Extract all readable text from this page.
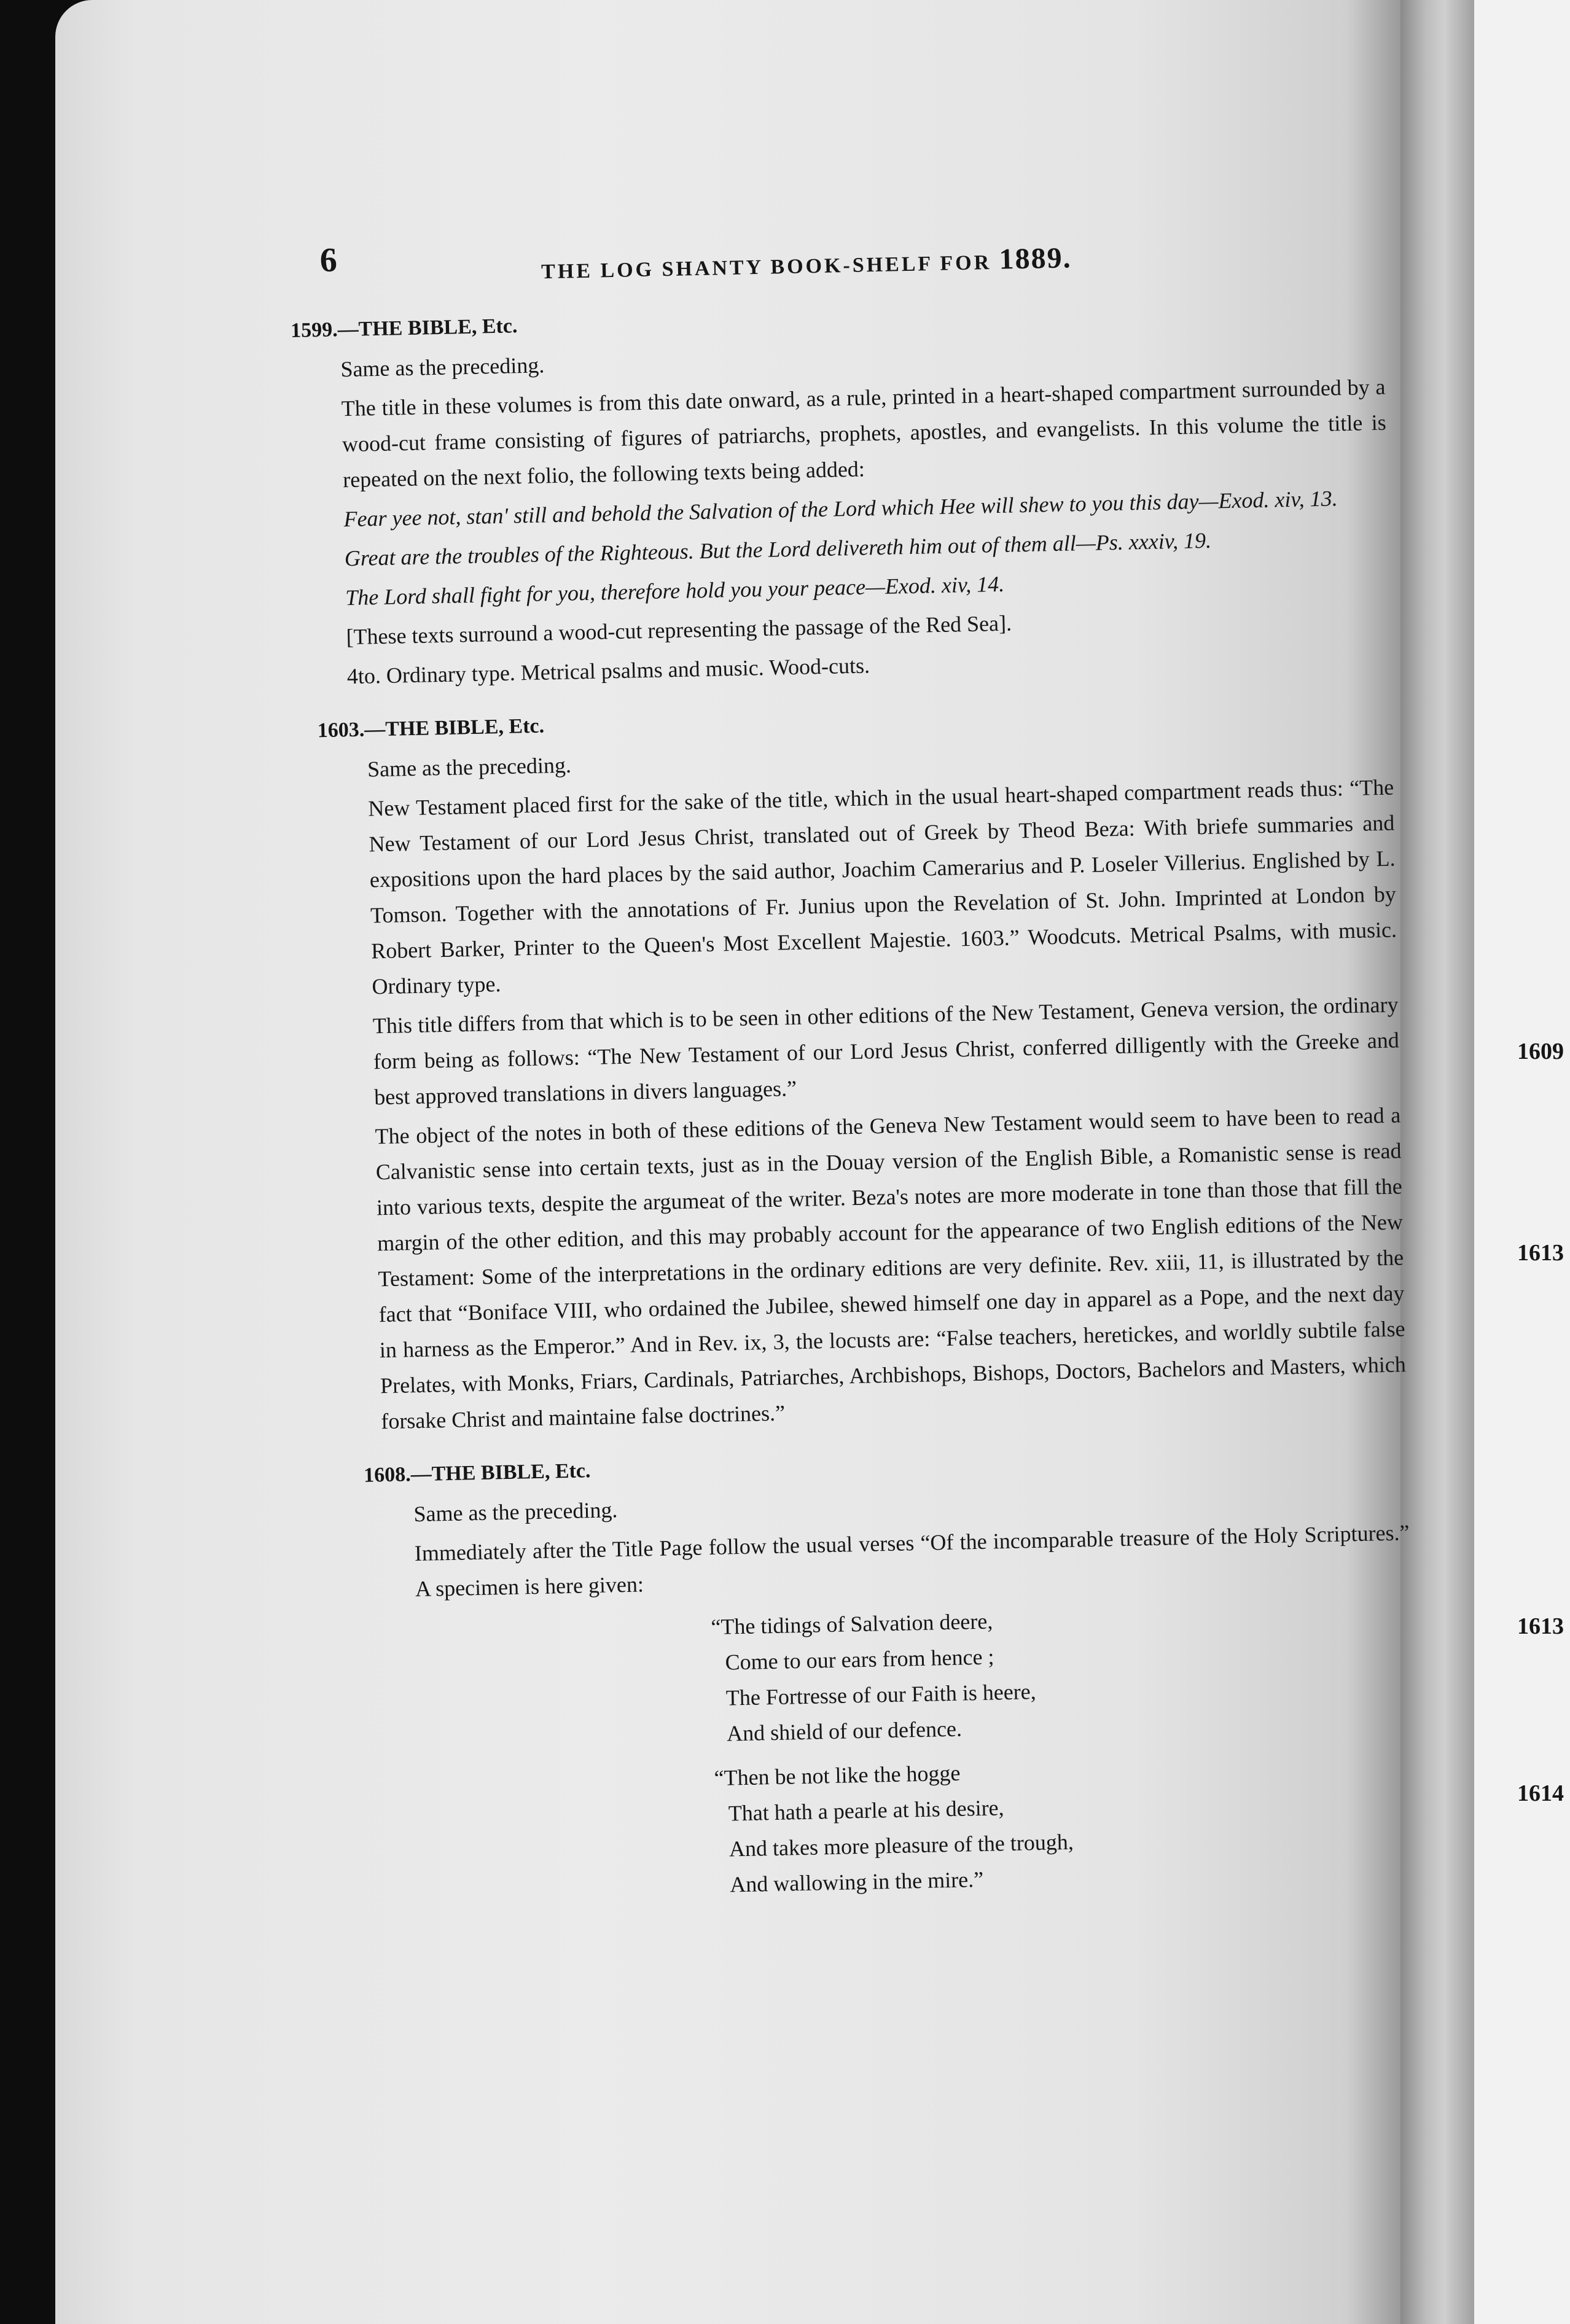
1609
1613
1613
1614
6	THE LOG SHANTY BOOK-SHELF FOR 1889.
1599.—THE BIBLE, Etc.

Same as the preceding.

The title in these volumes is from this date onward, as a rule, printed in a heart-shaped compartment surrounded by a wood-cut frame consisting of figures of patriarchs, prophets, apostles, and evangelists. In this volume the title is repeated on the next folio, the following texts being added:

Fear yee not, stan' still and behold the Salvation of the Lord which Hee will shew to you this day—Exod. xiv, 13.

Great are the troubles of the Righteous. But the Lord delivereth him out of them all—Ps. xxxiv, 19.

The Lord shall fight for you, therefore hold you your peace—Exod. xiv, 14.

[These texts surround a wood-cut representing the passage of the Red Sea].

4to. Ordinary type. Metrical psalms and music. Wood-cuts.

1603.—THE BIBLE, Etc.

Same as the preceding.

New Testament placed first for the sake of the title, which in the usual heart-shaped compartment reads thus: “The New Testament of our Lord Jesus Christ, translated out of Greek by Theod Beza: With briefe summaries and expositions upon the hard places by the said author, Joachim Camerarius and P. Loseler Villerius. Englished by L. Tomson. Together with the annotations of Fr. Junius upon the Revelation of St. John. Imprinted at London by Robert Barker, Printer to the Queen's Most Excellent Majestie. 1603.” Woodcuts. Metrical Psalms, with music. Ordinary type.

This title differs from that which is to be seen in other editions of the New Testament, Geneva version, the ordinary form being as follows: “The New Testament of our Lord Jesus Christ, conferred dilligently with the Greeke and best approved translations in divers languages.”

The object of the notes in both of these editions of the Geneva New Testament would seem to have been to read a Calvanistic sense into certain texts, just as in the Douay version of the English Bible, a Romanistic sense is read into various texts, despite the argumeat of the writer. Beza's notes are more moderate in tone than those that fill the margin of the other edition, and this may probably account for the appearance of two English editions of the New Testament: Some of the interpretations in the ordinary editions are very definite. Rev. xiii, 11, is illustrated by the fact that “Boniface VIII, who ordained the Jubilee, shewed himself one day in apparel as a Pope, and the next day in harness as the Emperor.” And in Rev. ix, 3, the locusts are: “False teachers, heretickes, and worldly subtile false Prelates, with Monks, Friars, Cardinals, Patriarches, Archbishops, Bishops, Doctors, Bachelors and Masters, which forsake Christ and maintaine false doctrines.”

1608.—THE BIBLE, Etc.

Same as the preceding.

Immediately after the Title Page follow the usual verses “Of the incomparable treasure of the Holy Scriptures.” A specimen is here given:

“The tidings of Salvation deere,
Come to our ears from hence ;
The Fortresse of our Faith is heere,
And shield of our defence.
“Then be not like the hogge
That hath a pearle at his desire,
And takes more pleasure of the trough,
And wallowing in the mire.”
